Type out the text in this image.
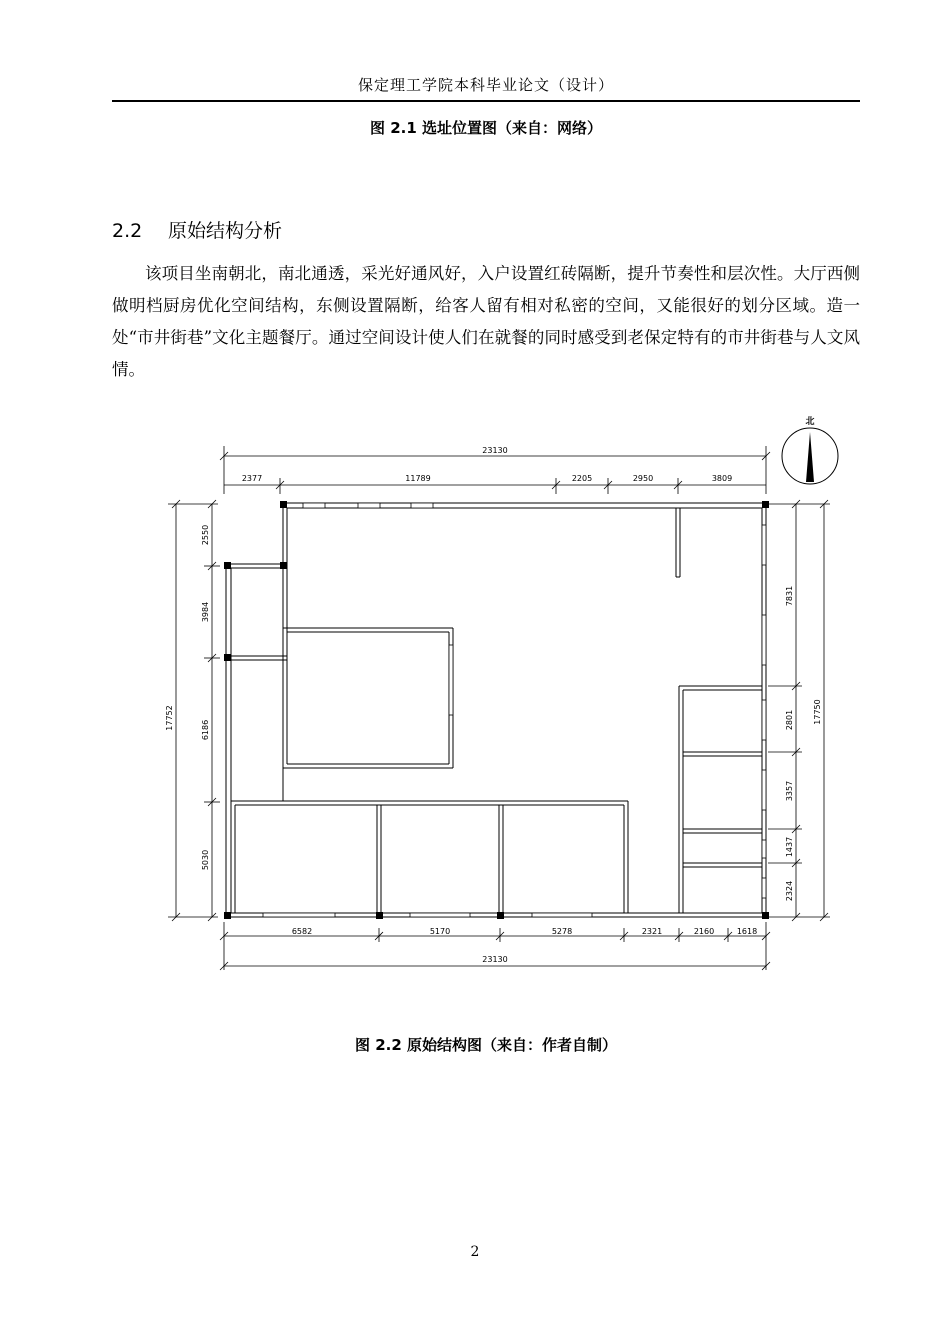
保定理工学院本科毕业论文（设计）
图 2.1 选址位置图（来自：网络）
2.2 原始结构分析

该项目坐南朝北，南北通透，采光好通风好，入户设置红砖隔断，提升节奏性和层次性。大厅西侧做明档厨房优化空间结构，东侧设置隔断，给客人留有相对私密的空间，又能很好的划分区域。造一处“市井街巷”文化主题餐厅。通过空间设计使人们在就餐的同时感受到老保定特有的市井街巷与人文风情。

23130
2377	11789	2205	2950	3809
6582	5170	5278	2321	2160	1618
23130
17752
2550
3984
6186
5030
7831
2801
3357
1437
2324
17750
北
图 2.2 原始结构图（来自：作者自制）
2
